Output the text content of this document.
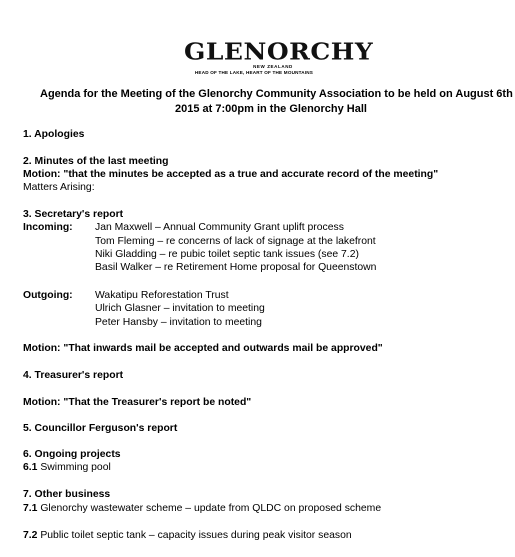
GLENORCHY
NEW ZEALAND
HEAD OF THE LAKE, HEART OF THE MOUNTAINS
Agenda for the Meeting of the Glenorchy Community Association to be held on August 6th
2015 at 7:00pm in the Glenorchy Hall
1. Apologies
2. Minutes of the last meeting
Motion: "that the minutes be accepted as a true and accurate record of the meeting"
Matters Arising:
3. Secretary's report
Incoming: Jan Maxwell – Annual Community Grant uplift process
Tom Fleming – re concerns of lack of signage at the lakefront
Niki Gladding – re pubic toilet septic tank issues (see 7.2)
Basil Walker – re Retirement Home proposal for Queenstown
Outgoing: Wakatipu Reforestation Trust
Ulrich Glasner – invitation to meeting
Peter Hansby – invitation to meeting
Motion: "That inwards mail be accepted and outwards mail be approved"
4. Treasurer's report
Motion: "That the Treasurer's report be noted"
5. Councillor Ferguson's report
6. Ongoing projects
6.1 Swimming pool
7. Other business
7.1 Glenorchy wastewater scheme – update from QLDC on proposed scheme
7.2 Public toilet septic tank – capacity issues during peak visitor season
